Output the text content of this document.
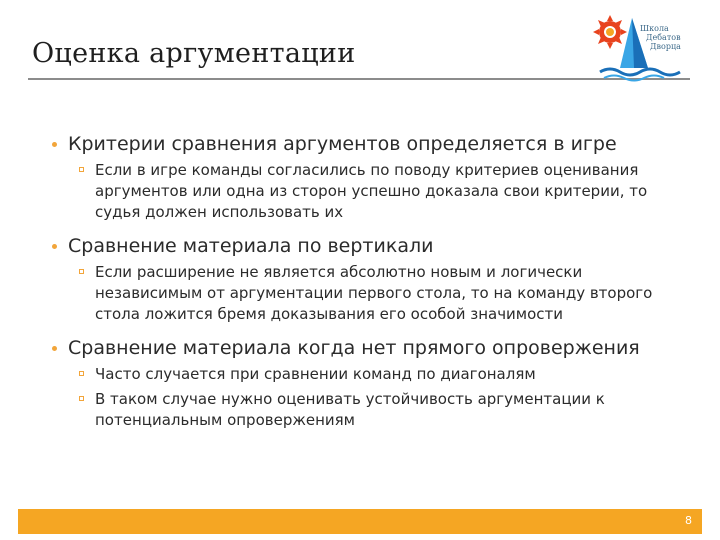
Оценка аргументации
Школа
Дебатов
Дворца
Критерии сравнения аргументов определяется в игре
Если в игре команды согласились по поводу критериев оценивания аргументов или одна из сторон успешно доказала свои критерии, то судья должен использовать их
Сравнение материала по вертикали
Если расширение не является абсолютно новым и логически независимым от аргументации первого стола, то на команду второго стола ложится бремя доказывания его особой значимости
Сравнение материала когда нет прямого опровержения
Часто случается при сравнении команд по диагоналям
В таком случае нужно оценивать устойчивость аргументации к потенциальным опровержениям
8
